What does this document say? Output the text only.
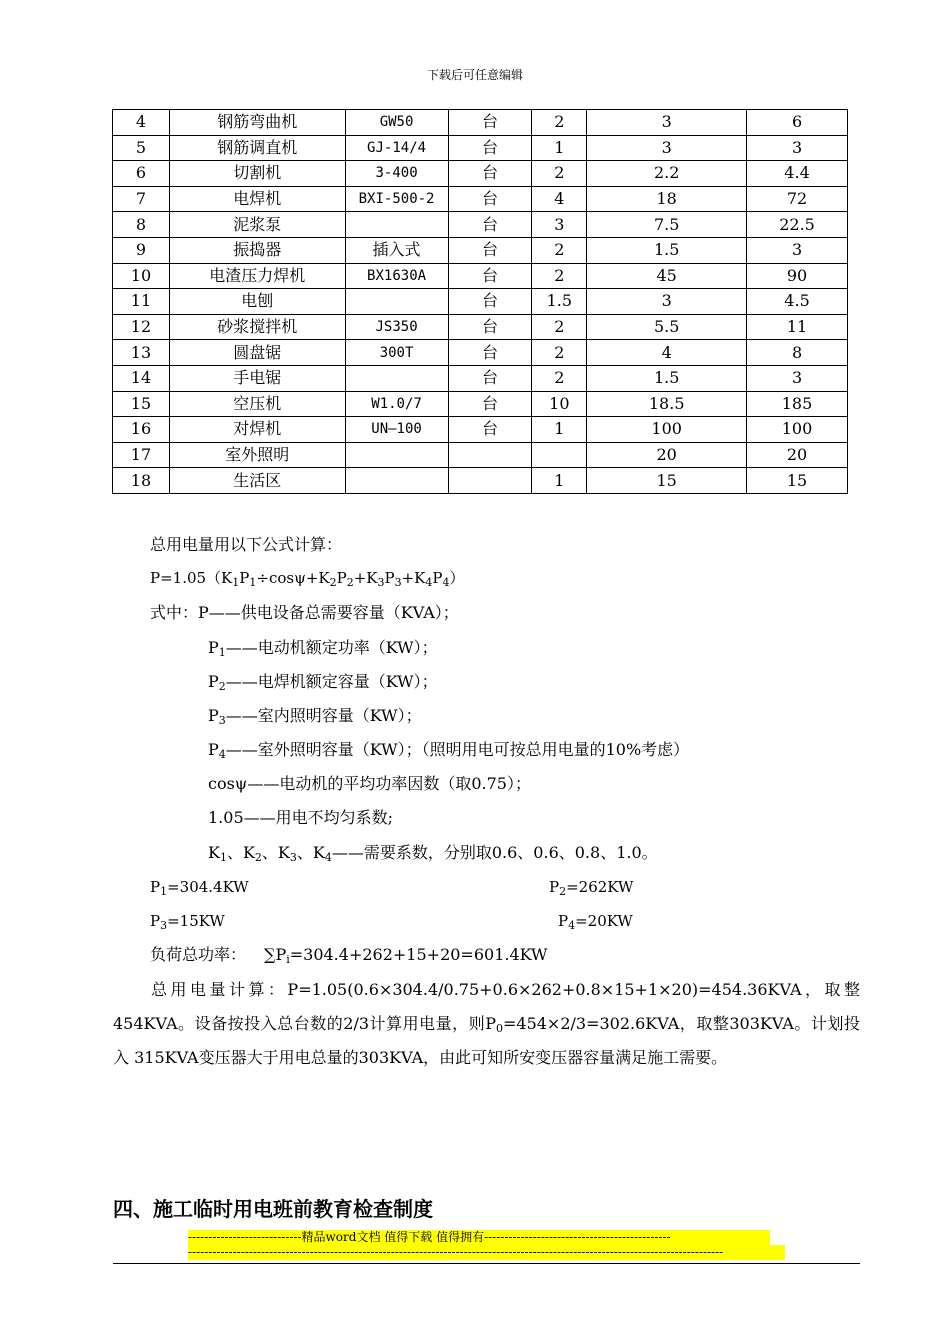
下载后可任意编辑
4	钢筋弯曲机	GW50	台	2	3	6
5	钢筋调直机	GJ-14/4	台	1	3	3
6	切割机	3-400	台	2	2.2	4.4
7	电焊机	BXI-500-2	台	4	18	72
8	泥浆泵		台	3	7.5	22.5
9	振捣器	插入式	台	2	1.5	3
10	电渣压力焊机	BX1630A	台	2	45	90
11	电刨		台	1.5	3	4.5
12	砂浆搅拌机	JS350	台	2	5.5	11
13	圆盘锯	300T	台	2	4	8
14	手电锯		台	2	1.5	3
15	空压机	W1.0/7	台	10	18.5	185
16	对焊机	UN—100	台	1	100	100
17	室外照明				20	20
18	生活区			1	15	15
总用电量用以下公式计算：
$P=1.05(K_1P_1\div\cos\psi+K_2P_2+K_3P_3+K_4P_4)$
式中：P——供电设备总需要容量（KVA）；
$P_1——$电动机额定功率（KW）；
$P_2——$电焊机额定容量（KW）；
$P_3——$室内照明容量（KW）；
$P_4——$室外照明容量（KW）；（照明用电可按总用电量的10%考虑）
cosψ——电动机的平均功率因数（取0.75）；
1.05——用电不均匀系数;
$K_1$、$K_2$、$K_3$、$K_4——$需要系数，分别取0.6、0.6、0.8、1.0。
$P_1=304.4KW$	$P_2=262KW$
$P_3=15KW$	$P_4=20KW$
负荷总功率： $\sum P_i=304.4+262+15+20=601.4KW$
总用电量计算：P=1.05(0.6×304.4/0.75+0.6×262+0.8×15+1×20)=454.36KVA，取整454KVA。设备按投入总台数的2/3计算用电量，则$P_0=454\times 2/3=302.6KVA$，取整303KVA。计划投入 315KVA变压器大于用电总量的303KVA，由此可知所安变压器容量满足施工需要。
四、施工临时用电班前教育检查制度
----------------------------精品word文档 值得下载 值得拥有----------------------------------------------
------------------------------------------------------------------------------------------------------------------------------------
